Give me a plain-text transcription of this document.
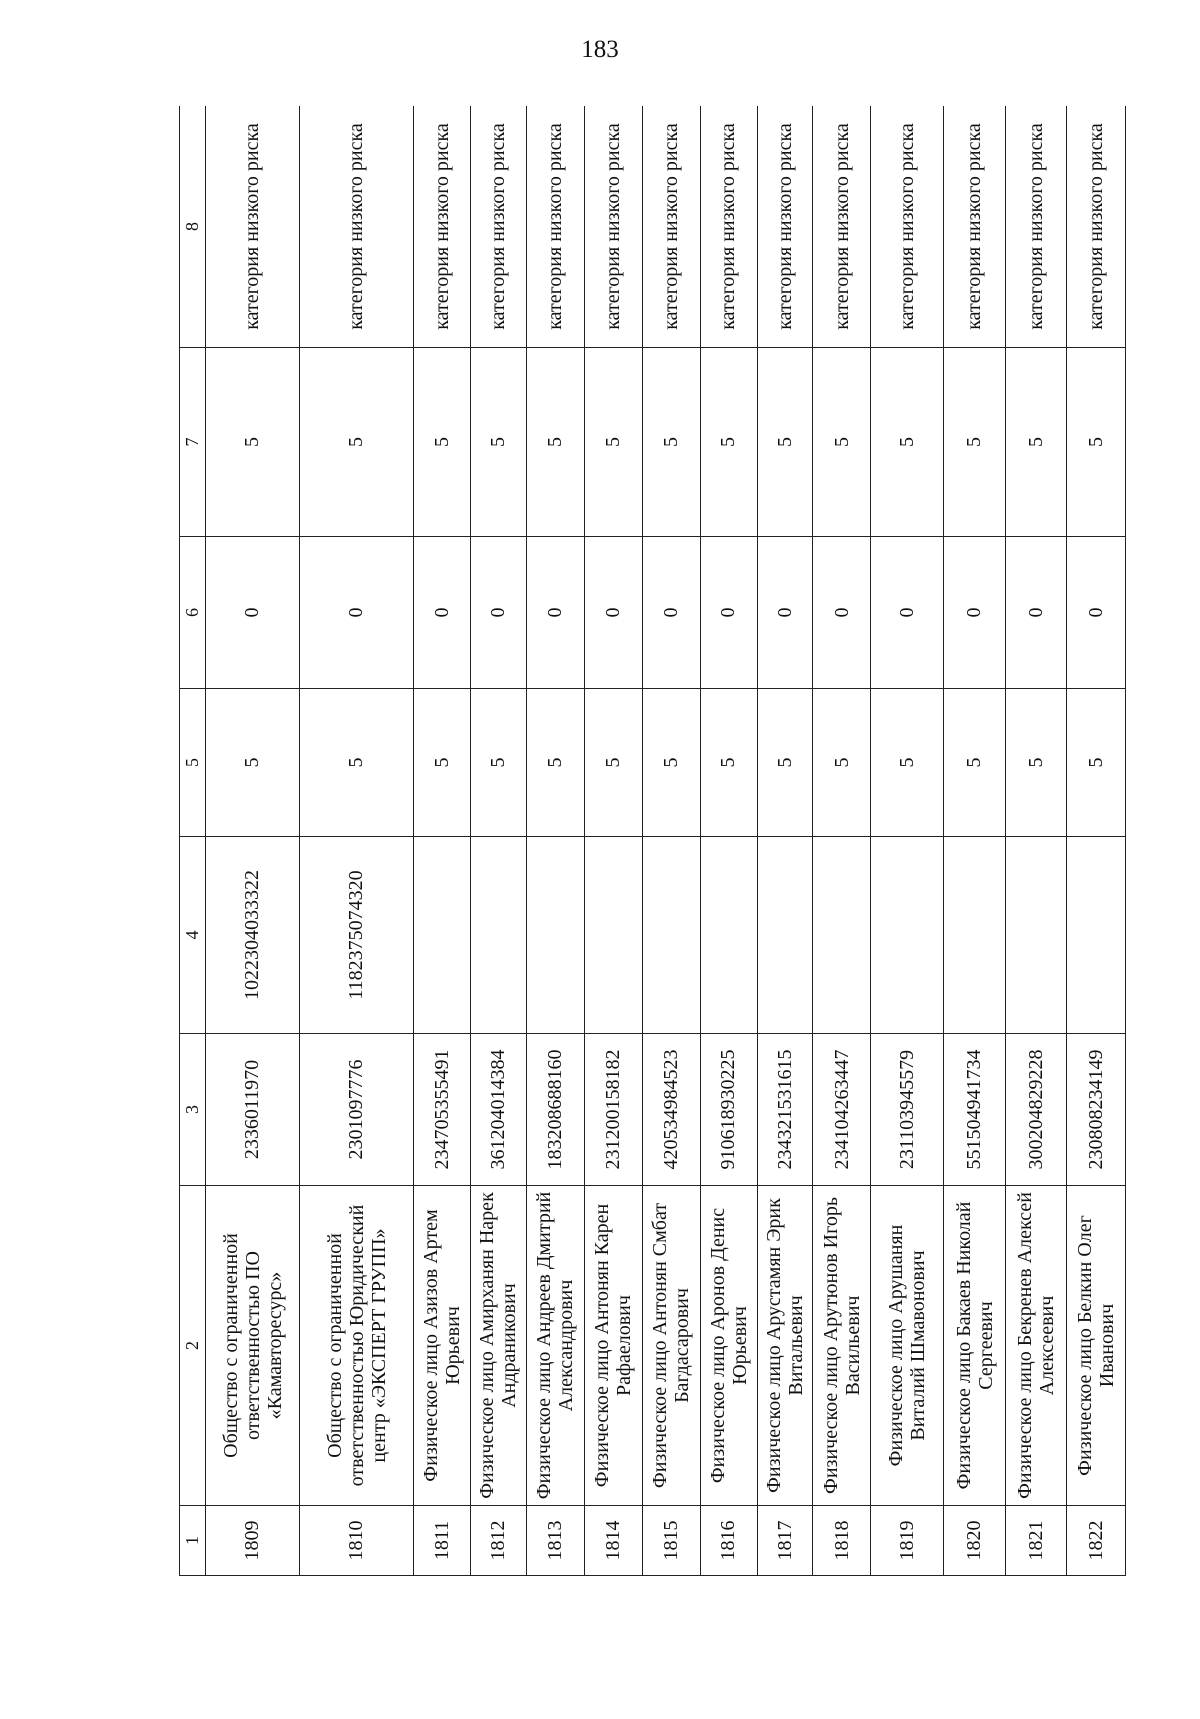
183
1	2	3	4	5	6	7	8
1809	Общество с ограниченной ответственностью ПО «Камавторесурс»	2336011970	1022304033322	5	0	5	категория низкого риска
1810	Общество с ограниченной ответственностью Юридический центр «ЭКСПЕРТ ГРУПП»	2301097776	1182375074320	5	0	5	категория низкого риска
1811	Физическое лицо Азизов Артем Юрьевич	234705355491		5	0	5	категория низкого риска
1812	Физическое лицо Амирханян Нарек Андраникович	361204014384		5	0	5	категория низкого риска
1813	Физическое лицо Андреев Дмитрий Александрович	183208688160		5	0	5	категория низкого риска
1814	Физическое лицо Антонян Карен Рафаелович	231200158182		5	0	5	категория низкого риска
1815	Физическое лицо Антонян Смбат Багдасарович	420534984523		5	0	5	категория низкого риска
1816	Физическое лицо Аронов Денис Юрьевич	910618930225		5	0	5	категория низкого риска
1817	Физическое лицо Арустамян Эрик Витальевич	234321531615		5	0	5	категория низкого риска
1818	Физическое лицо Арутюнов Игорь Васильевич	234104263447		5	0	5	категория низкого риска
1819	Физическое лицо Арушанян Виталий Шмавонович	231103945579		5	0	5	категория низкого риска
1820	Физическое лицо Бакаев Николай Сергеевич	551504941734		5	0	5	категория низкого риска
1821	Физическое лицо Бекренев Алексей Алексеевич	300204829228		5	0	5	категория низкого риска
1822	Физическое лицо Белкин Олег Иванович	230808234149		5	0	5	категория низкого риска
